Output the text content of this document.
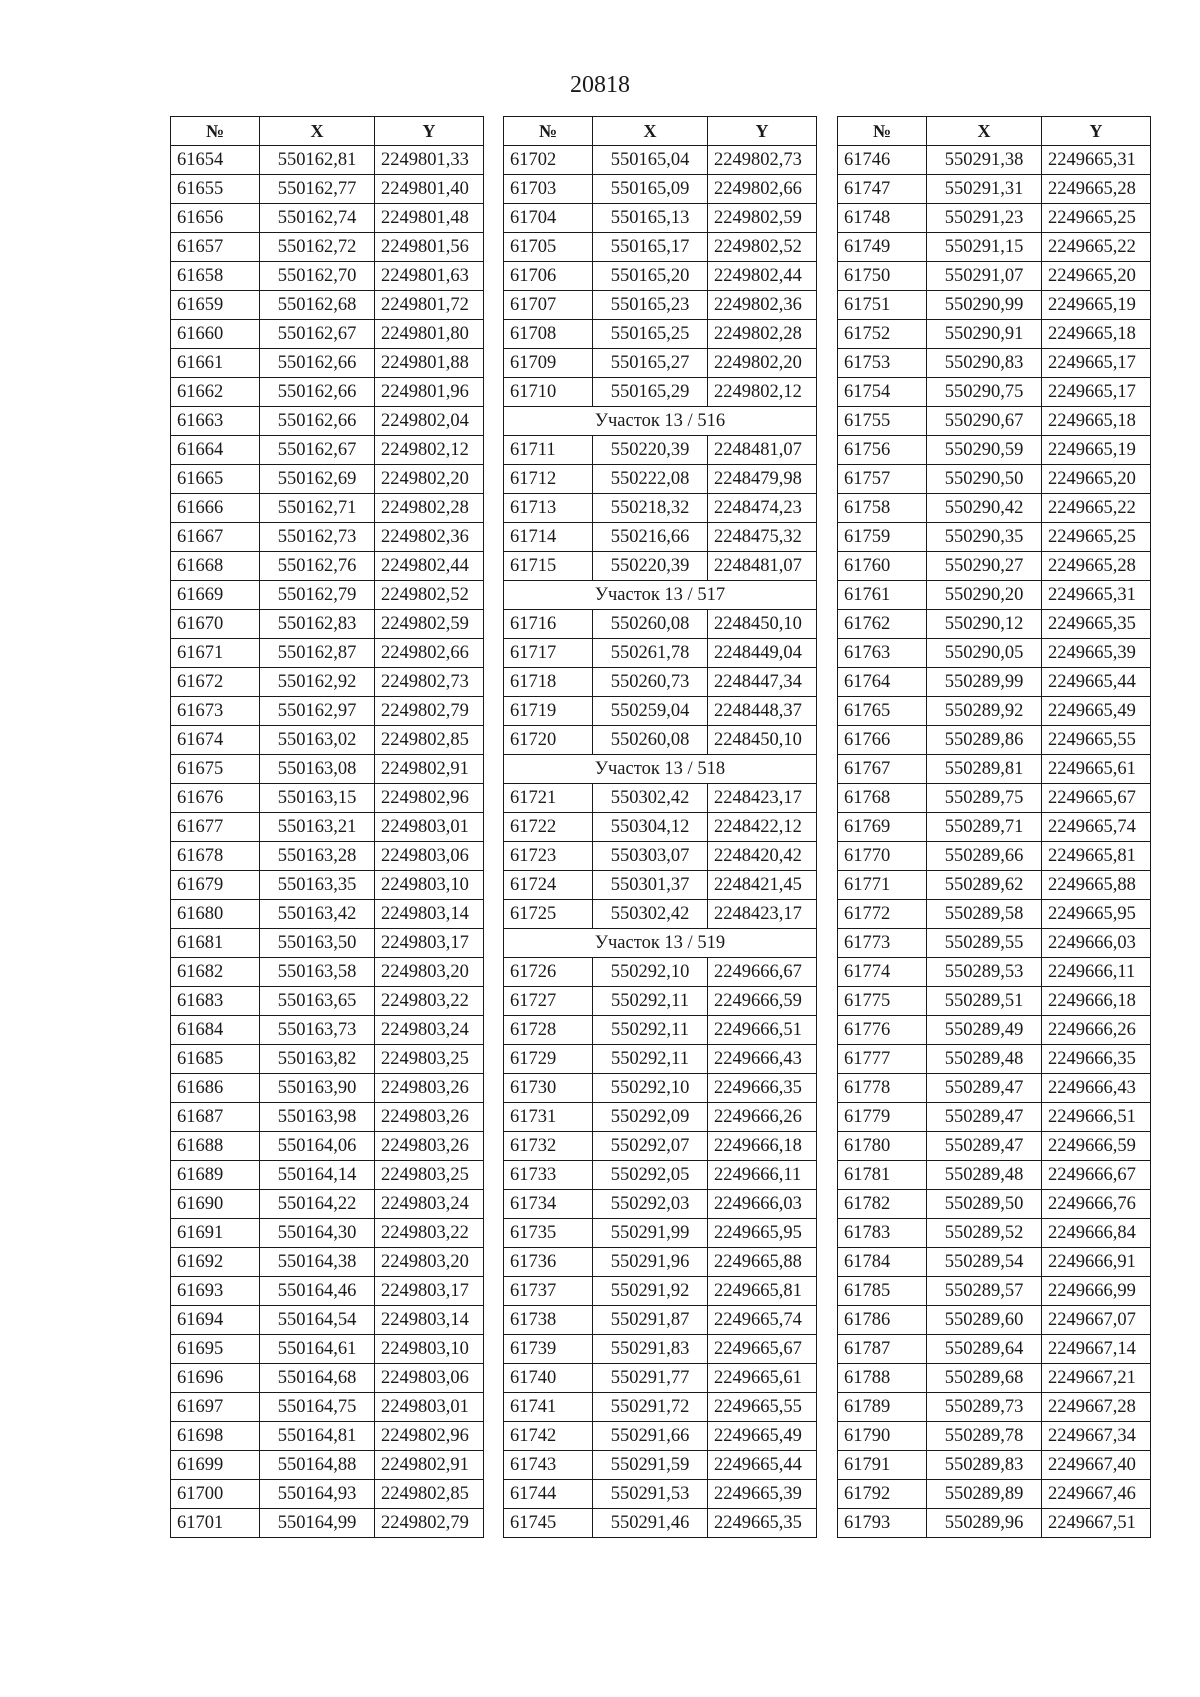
20818
№	X	Y
61654	550162,81	2249801,33
61655	550162,77	2249801,40
61656	550162,74	2249801,48
61657	550162,72	2249801,56
61658	550162,70	2249801,63
61659	550162,68	2249801,72
61660	550162,67	2249801,80
61661	550162,66	2249801,88
61662	550162,66	2249801,96
61663	550162,66	2249802,04
61664	550162,67	2249802,12
61665	550162,69	2249802,20
61666	550162,71	2249802,28
61667	550162,73	2249802,36
61668	550162,76	2249802,44
61669	550162,79	2249802,52
61670	550162,83	2249802,59
61671	550162,87	2249802,66
61672	550162,92	2249802,73
61673	550162,97	2249802,79
61674	550163,02	2249802,85
61675	550163,08	2249802,91
61676	550163,15	2249802,96
61677	550163,21	2249803,01
61678	550163,28	2249803,06
61679	550163,35	2249803,10
61680	550163,42	2249803,14
61681	550163,50	2249803,17
61682	550163,58	2249803,20
61683	550163,65	2249803,22
61684	550163,73	2249803,24
61685	550163,82	2249803,25
61686	550163,90	2249803,26
61687	550163,98	2249803,26
61688	550164,06	2249803,26
61689	550164,14	2249803,25
61690	550164,22	2249803,24
61691	550164,30	2249803,22
61692	550164,38	2249803,20
61693	550164,46	2249803,17
61694	550164,54	2249803,14
61695	550164,61	2249803,10
61696	550164,68	2249803,06
61697	550164,75	2249803,01
61698	550164,81	2249802,96
61699	550164,88	2249802,91
61700	550164,93	2249802,85
61701	550164,99	2249802,79
№	X	Y
61702	550165,04	2249802,73
61703	550165,09	2249802,66
61704	550165,13	2249802,59
61705	550165,17	2249802,52
61706	550165,20	2249802,44
61707	550165,23	2249802,36
61708	550165,25	2249802,28
61709	550165,27	2249802,20
61710	550165,29	2249802,12
Участок 13 / 516		
61711	550220,39	2248481,07
61712	550222,08	2248479,98
61713	550218,32	2248474,23
61714	550216,66	2248475,32
61715	550220,39	2248481,07
Участок 13 / 517		
61716	550260,08	2248450,10
61717	550261,78	2248449,04
61718	550260,73	2248447,34
61719	550259,04	2248448,37
61720	550260,08	2248450,10
Участок 13 / 518		
61721	550302,42	2248423,17
61722	550304,12	2248422,12
61723	550303,07	2248420,42
61724	550301,37	2248421,45
61725	550302,42	2248423,17
Участок 13 / 519		
61726	550292,10	2249666,67
61727	550292,11	2249666,59
61728	550292,11	2249666,51
61729	550292,11	2249666,43
61730	550292,10	2249666,35
61731	550292,09	2249666,26
61732	550292,07	2249666,18
61733	550292,05	2249666,11
61734	550292,03	2249666,03
61735	550291,99	2249665,95
61736	550291,96	2249665,88
61737	550291,92	2249665,81
61738	550291,87	2249665,74
61739	550291,83	2249665,67
61740	550291,77	2249665,61
61741	550291,72	2249665,55
61742	550291,66	2249665,49
61743	550291,59	2249665,44
61744	550291,53	2249665,39
61745	550291,46	2249665,35
№	X	Y
61746	550291,38	2249665,31
61747	550291,31	2249665,28
61748	550291,23	2249665,25
61749	550291,15	2249665,22
61750	550291,07	2249665,20
61751	550290,99	2249665,19
61752	550290,91	2249665,18
61753	550290,83	2249665,17
61754	550290,75	2249665,17
61755	550290,67	2249665,18
61756	550290,59	2249665,19
61757	550290,50	2249665,20
61758	550290,42	2249665,22
61759	550290,35	2249665,25
61760	550290,27	2249665,28
61761	550290,20	2249665,31
61762	550290,12	2249665,35
61763	550290,05	2249665,39
61764	550289,99	2249665,44
61765	550289,92	2249665,49
61766	550289,86	2249665,55
61767	550289,81	2249665,61
61768	550289,75	2249665,67
61769	550289,71	2249665,74
61770	550289,66	2249665,81
61771	550289,62	2249665,88
61772	550289,58	2249665,95
61773	550289,55	2249666,03
61774	550289,53	2249666,11
61775	550289,51	2249666,18
61776	550289,49	2249666,26
61777	550289,48	2249666,35
61778	550289,47	2249666,43
61779	550289,47	2249666,51
61780	550289,47	2249666,59
61781	550289,48	2249666,67
61782	550289,50	2249666,76
61783	550289,52	2249666,84
61784	550289,54	2249666,91
61785	550289,57	2249666,99
61786	550289,60	2249667,07
61787	550289,64	2249667,14
61788	550289,68	2249667,21
61789	550289,73	2249667,28
61790	550289,78	2249667,34
61791	550289,83	2249667,40
61792	550289,89	2249667,46
61793	550289,96	2249667,51
